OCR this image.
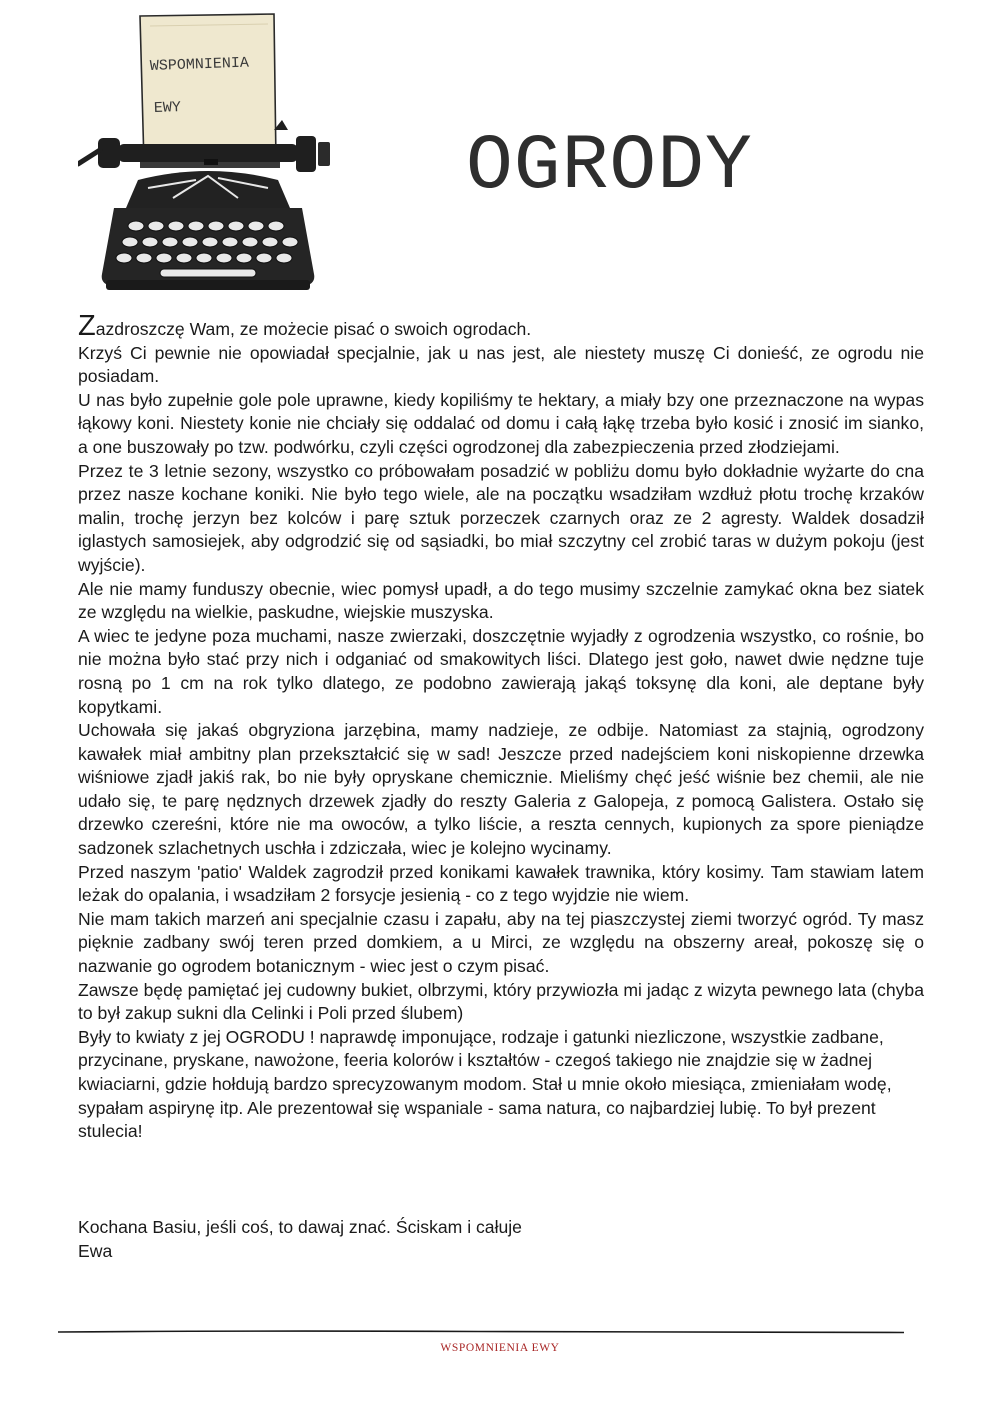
WSPOMNIENIA
EWY
OGRODY

Zazdroszczę Wam, ze możecie pisać o swoich ogrodach.

Krzyś Ci pewnie nie opowiadał specjalnie, jak u nas jest, ale niestety muszę Ci donieść, ze ogrodu nie posiadam.

U nas było zupełnie gole pole uprawne, kiedy kopiliśmy te hektary, a miały bzy one przeznaczone na wypas łąkowy koni. Niestety konie nie chciały się oddalać od domu i całą łąkę trzeba było kosić i znosić im sianko, a one buszowały po tzw. podwórku, czyli części ogrodzonej dla zabezpieczenia przed złodziejami.

Przez te 3 letnie sezony, wszystko co próbowałam posadzić w pobliżu domu było dokładnie wyżarte do cna przez nasze kochane koniki. Nie było tego wiele, ale na początku wsadziłam wzdłuż płotu trochę krzaków malin, trochę jerzyn bez kolców i parę sztuk porzeczek czarnych oraz ze 2 agresty. Waldek dosadził iglastych samosiejek, aby odgrodzić się od sąsiadki, bo miał szczytny cel zrobić taras w dużym pokoju (jest wyjście).

Ale nie mamy funduszy obecnie, wiec pomysł upadł, a do tego musimy szczelnie zamykać okna bez siatek ze względu na wielkie, paskudne, wiejskie muszyska.

A wiec te jedyne poza muchami, nasze zwierzaki, doszczętnie wyjadły z ogrodzenia wszystko, co rośnie, bo nie można było stać przy nich i odganiać od smakowitych liści. Dlatego jest goło, nawet dwie nędzne tuje rosną po 1 cm na rok tylko dlatego, ze podobno zawierają jakąś toksynę dla koni, ale deptane były kopytkami.

Uchowała się jakaś obgryziona jarzębina, mamy nadzieje, ze odbije. Natomiast za stajnią, ogrodzony kawałek miał ambitny plan przekształcić się w sad! Jeszcze przed nadejściem koni niskopienne drzewka wiśniowe zjadł jakiś rak, bo nie były opryskane chemicznie. Mieliśmy chęć jeść wiśnie bez chemii, ale nie udało się, te parę nędznych drzewek zjadły do reszty Galeria z Galopeja, z pomocą Galistera. Ostało się drzewko czereśni, które nie ma owoców, a tylko liście, a reszta cennych, kupionych za spore pieniądze sadzonek szlachetnych uschła i zdziczała, wiec je kolejno wycinamy.

Przed naszym 'patio' Waldek zagrodził przed konikami kawałek trawnika, który kosimy. Tam stawiam latem leżak do opalania, i wsadziłam 2 forsycje jesienią - co z tego wyjdzie nie wiem.

Nie mam takich marzeń ani specjalnie czasu i zapału, aby na tej piaszczystej ziemi tworzyć ogród. Ty masz pięknie zadbany swój teren przed domkiem, a u Mirci, ze względu na obszerny areał, pokoszę się o nazwanie go ogrodem botanicznym - wiec jest o czym pisać.

Zawsze będę pamiętać jej cudowny bukiet, olbrzymi, który przywiozła mi jadąc z wizyta pewnego lata (chyba to był zakup sukni dla Celinki i Poli przed ślubem)

Były to kwiaty z jej OGRODU ! naprawdę imponujące, rodzaje i gatunki niezliczone, wszystkie zadbane, przycinane, pryskane, nawożone, feeria kolorów i kształtów - czegoś takiego nie znajdzie się w żadnej kwiaciarni, gdzie hołdują bardzo sprecyzowanym modom. Stał u mnie około miesiąca, zmieniałam wodę, sypałam aspirynę itp. Ale prezentował się wspaniale - sama natura, co najbardziej lubię. To był prezent stulecia!

Kochana Basiu, jeśli coś, to dawaj znać. Ściskam i całuje

Ewa

WSPOMNIENIA EWY
